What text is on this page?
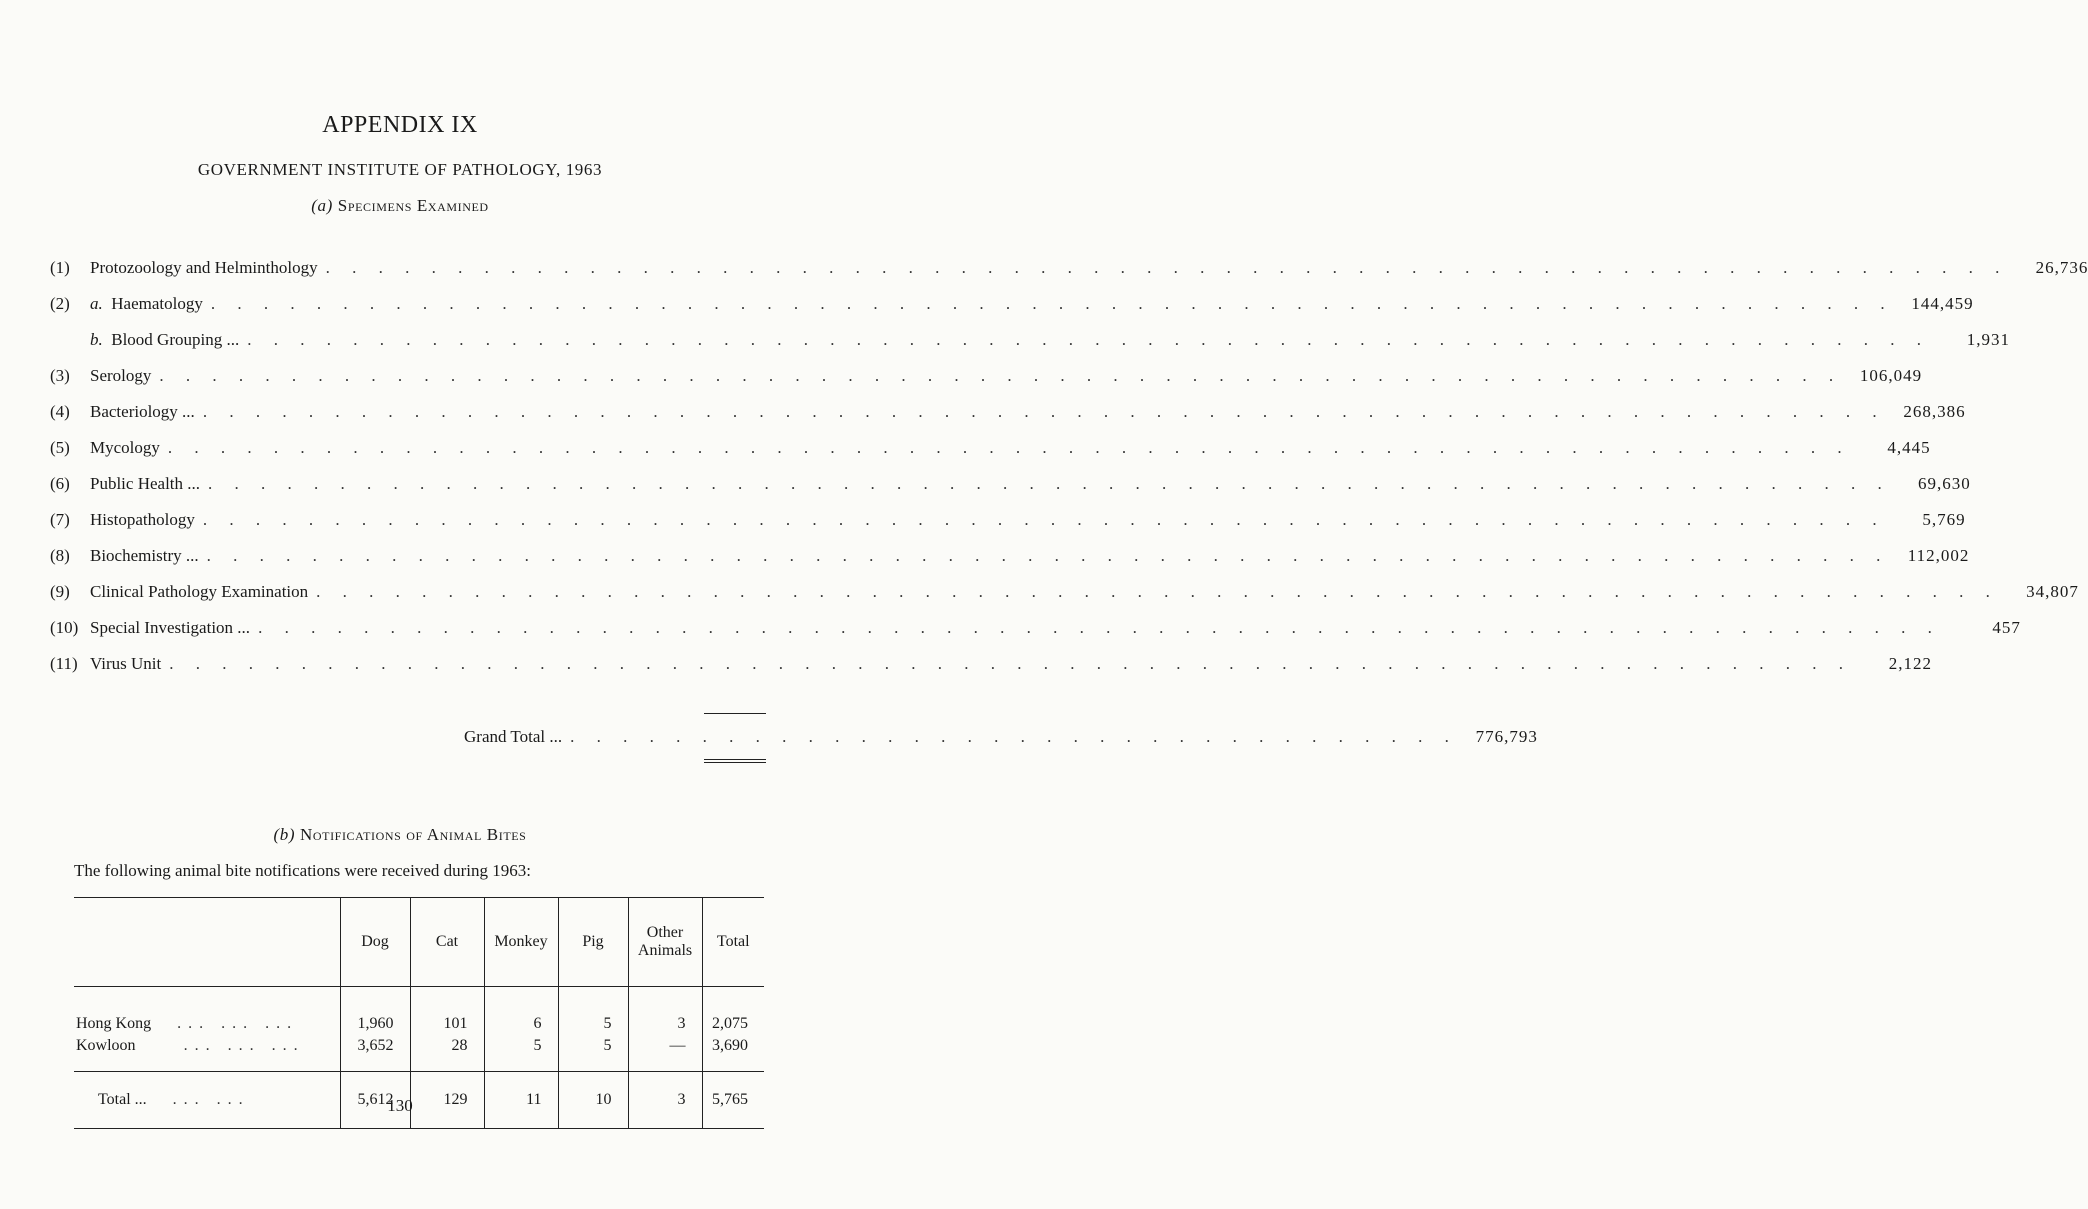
APPENDIX IX
GOVERNMENT INSTITUTE OF PATHOLOGY, 1963
(a) Specimens Examined
(1)	Protozoology and Helminthology . . . . . . . . . . . . . . . . . . . . . . . . . . . . . . . . . . . . . . . . . . . . . . . . . . . . . . . . . . . . . . . .	26,736
(2)	a.  Haematology . . . . . . . . . . . . . . . . . . . . . . . . . . . . . . . . . . . . . . . . . . . . . . . . . . . . . . . . . . . . . . . .	144,459
b.  Blood Grouping ... . . . . . . . . . . . . . . . . . . . . . . . . . . . . . . . . . . . . . . . . . . . . . . . . . . . . . . . . . . . . . . . .	1,931
(3)	Serology . . . . . . . . . . . . . . . . . . . . . . . . . . . . . . . . . . . . . . . . . . . . . . . . . . . . . . . . . . . . . . . .	106,049
(4)	Bacteriology ... . . . . . . . . . . . . . . . . . . . . . . . . . . . . . . . . . . . . . . . . . . . . . . . . . . . . . . . . . . . . . . . .	268,386
(5)	Mycology . . . . . . . . . . . . . . . . . . . . . . . . . . . . . . . . . . . . . . . . . . . . . . . . . . . . . . . . . . . . . . . .	4,445
(6)	Public Health ... . . . . . . . . . . . . . . . . . . . . . . . . . . . . . . . . . . . . . . . . . . . . . . . . . . . . . . . . . . . . . . . .	69,630
(7)	Histopathology . . . . . . . . . . . . . . . . . . . . . . . . . . . . . . . . . . . . . . . . . . . . . . . . . . . . . . . . . . . . . . . .	5,769
(8)	Biochemistry ... . . . . . . . . . . . . . . . . . . . . . . . . . . . . . . . . . . . . . . . . . . . . . . . . . . . . . . . . . . . . . . . .	112,002
(9)	Clinical Pathology Examination . . . . . . . . . . . . . . . . . . . . . . . . . . . . . . . . . . . . . . . . . . . . . . . . . . . . . . . . . . . . . . . .	34,807
(10) Special Investigation ... . . . . . . . . . . . . . . . . . . . . . . . . . . . . . . . . . . . . . . . . . . . . . . . . . . . . . . . . . . . . . . . .	457
(11) Virus Unit . . . . . . . . . . . . . . . . . . . . . . . . . . . . . . . . . . . . . . . . . . . . . . . . . . . . . . . . . . . . . . . .	2,122
Grand Total ... . . . . . . . . . . . . . . . . . . . . . . . . . . . . . . . . . .	776,793
(b) Notifications of Animal Bites
The following animal bite notifications were received during 1963:
	Dog	Cat	Monkey	Pig	Other Animals	Total
Hong Kong   ... ... ...	1,960	101	6	5	3	2,075
Kowloon     ... ... ...	3,652	28	5	5	—	3,690
Total ...   ... ...	5,612	129	11	10	3	5,765
130
